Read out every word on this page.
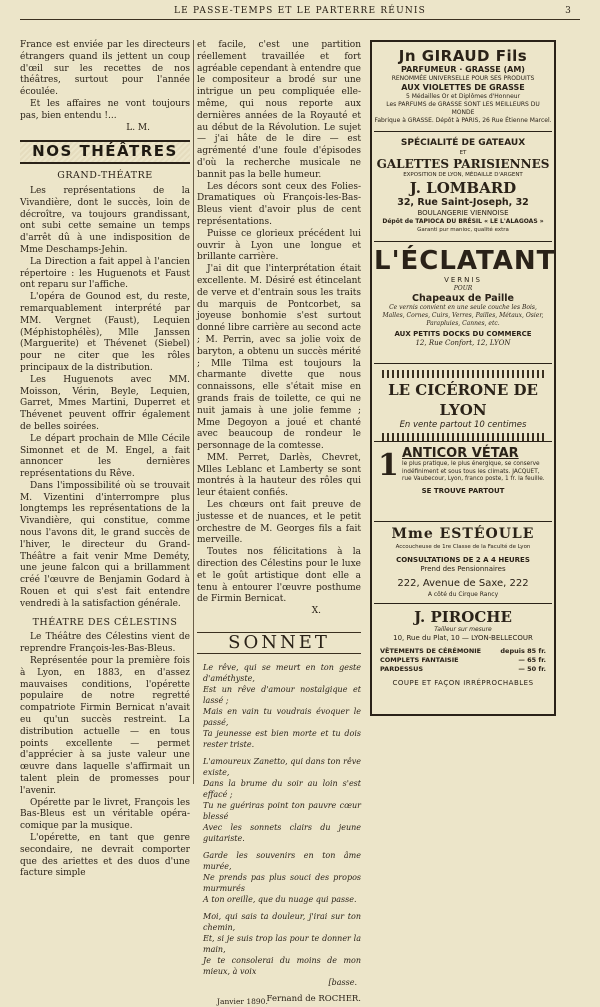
LE PASSE-TEMPS ET LE PARTERRE RÉUNIS	3

France est enviée par les directeurs étrangers quand ils jettent un coup d'œil sur les recettes de nos théâtres, surtout pour l'année écoulée.

Et les affaires ne vont toujours pas, bien entendu !...

L. M.

NOS THÉÂTRES
GRAND-THÉATRE

Les représentations de la Vivandière, dont le succès, loin de décroître, va toujours grandissant, ont subi cette semaine un temps d'arrêt dû à une indisposition de Mme Deschamps-Jehin.

La Direction a fait appel à l'ancien répertoire : les Huguenots et Faust ont reparu sur l'affiche.

L'opéra de Gounod est, du reste, remarquablement interprété par MM. Vergnet (Faust), Lequien (Méphistophélès), Mlle Janssen (Marguerite) et Thévenet (Siebel) pour ne citer que les rôles principaux de la distribution.

Les Huguenots avec MM. Moisson, Vérin, Beyle, Lequien, Garret, Mmes Martini, Duperret et Thévenet peuvent offrir également de belles soirées.

Le départ prochain de Mlle Cécile Simonnet et de M. Engel, a fait annoncer les dernières représentations du Rêve.

Dans l'impossibilité où se trouvait M. Vizentini d'interrompre plus longtemps les représentations de la Vivandière, qui constitue, comme nous l'avons dit, le grand succès de l'hiver, le directeur du Grand-Théâtre a fait venir Mme Deméty, une jeune falcon qui a brillamment créé l'œuvre de Benjamin Godard à Rouen et qui s'est fait entendre vendredi à la satisfaction générale.

THÉATRE DES CÉLESTINS

Le Théâtre des Célestins vient de reprendre François-les-Bas-Bleus.

Représentée pour la première fois à Lyon, en 1883, en d'assez mauvaises conditions, l'opérette populaire de notre regretté compatriote Firmin Bernicat n'avait eu qu'un succès restreint. La distribution actuelle — en tous points excellente — permet d'apprécier à sa juste valeur une œuvre dans laquelle s'affirmait un talent plein de promesses pour l'avenir.

Opérette par le livret, François les Bas-Bleus est un véritable opéra-comique par la musique.

L'opérette, en tant que genre secondaire, ne devrait comporter que des ariettes et des duos d'une facture simple

et facile, c'est une partition réellement travaillée et fort agréable cependant à entendre que le compositeur a brodé sur une intrigue un peu compliquée elle-même, qui nous reporte aux dernières années de la Royauté et au début de la Révolution. Le sujet — j'ai hâte de le dire — est agrémenté d'une foule d'épisodes d'où la recherche musicale ne bannit pas la belle humeur.

Les décors sont ceux des Folies-Dramatiques où François-les-Bas-Bleus vient d'avoir plus de cent représentations.

Puisse ce glorieux précédent lui ouvrir à Lyon une longue et brillante carrière.

J'ai dit que l'interprétation était excellente. M. Désiré est étincelant de verve et d'entrain sous les traits du marquis de Pontcorbet, sa joyeuse bonhomie s'est surtout donné libre carrière au second acte ; M. Perrin, avec sa jolie voix de baryton, a obtenu un succès mérité ; Mlle Tilma est toujours la charmante divette que nous connaissons, elle s'était mise en grands frais de toilette, ce qui ne nuit jamais à une jolie femme ; Mme Degoyon a joué et chanté avec beaucoup de rondeur le personnage de la comtesse.

MM. Perret, Darlès, Chevret, Mlles Leblanc et Lamberty se sont montrés à la hauteur des rôles qui leur étaient confiés.

Les chœurs ont fait preuve de justesse et de nuances, et le petit orchestre de M. Georges fils a fait merveille.

Toutes nos félicitations à la direction des Célestins pour le luxe et le goût artistique dont elle a tenu à entourer l'œuvre posthume de Firmin Bernicat.

X.

SONNET
Le rêve, qui se meurt en ton geste d'améthyste,
Est un rêve d'amour nostalgique et lassé ;
Mais en vain tu voudrais évoquer le passé,
Ta jeunesse est bien morte et tu dois rester triste.
L'amoureux Zanetto, qui dans ton rêve existe,
Dans la brume du soir au loin s'est effacé ;
Tu ne guériras point ton pauvre cœur blessé
Avec les sonnets clairs du jeune guitariste.
Garde les souvenirs en ton âme murée,
Ne prends pas plus souci des propos murmurés
A ton oreille, que du nuage qui passe.
Moi, qui sais ta douleur, j'irai sur ton chemin,
Et, si je suis trop las pour te donner la main,
Je te consolerai du moins de mon mieux, à voix
[basse.
Fernand de ROCHER.
Janvier 1890.
Jn GIRAUD Fils
PARFUMEUR · GRASSE (AM)
RENOMMÉE UNIVERSELLE POUR SES PRODUITS
AUX VIOLETTES DE GRASSE
5 Médailles Or et Diplômes d'Honneur
Les PARFUMS de GRASSE SONT LES MEILLEURS DU MONDE
Fabrique à GRASSE. Dépôt à PARIS, 26 Rue Étienne Marcel.
SPÉCIALITÉ DE GATEAUX
ET
GALETTES PARISIENNES
EXPOSITION DE LYON, MÉDAILLE D'ARGENT
J. LOMBARD
32, Rue Saint-Joseph, 32
BOULANGERIE VIENNOISE
Dépôt de TAPIOCA DU BRÉSIL « LE L'ALAGOAS »
Garanti pur manioc, qualité extra
L'ÉCLATANT
VERNIS
POUR
Chapeaux de Paille
Ce vernis convient en une seule couche les Bois, Malles, Cornes, Cuirs, Verres, Pailles, Métaux, Osier, Parapluies, Cannes, etc.
AUX PETITS DOCKS DU COMMERCE
12, Rue Confort, 12, LYON
LE CICÉRONE DE LYON
En vente partout 10 centimes
1 ANTICOR VÉTAR
le plus pratique, le plus énergique, se conserve indéfiniment et sous tous les climats. JACQUET, rue Vaubecour, Lyon, franco poste, 1 fr. la feuille.
SE TROUVE PARTOUT
Mme ESTÉOULE
Accoucheuse de 1re Classe de la Faculté de Lyon
CONSULTATIONS DE 2 A 4 HEURES
Prend des Pensionnaires
222, Avenue de Saxe, 222
A côté du Cirque Rancy
J. PIROCHE
Tailleur sur mesure
10, Rue du Plat, 10 — LYON-BELLECOUR
VÊTEMENTS DE CÉRÉMONIE	depuis 85 fr.
COMPLETS FANTAISIE	— 65 fr.
PARDESSUS	— 50 fr.
COUPE ET FAÇON IRRÉPROCHABLES
